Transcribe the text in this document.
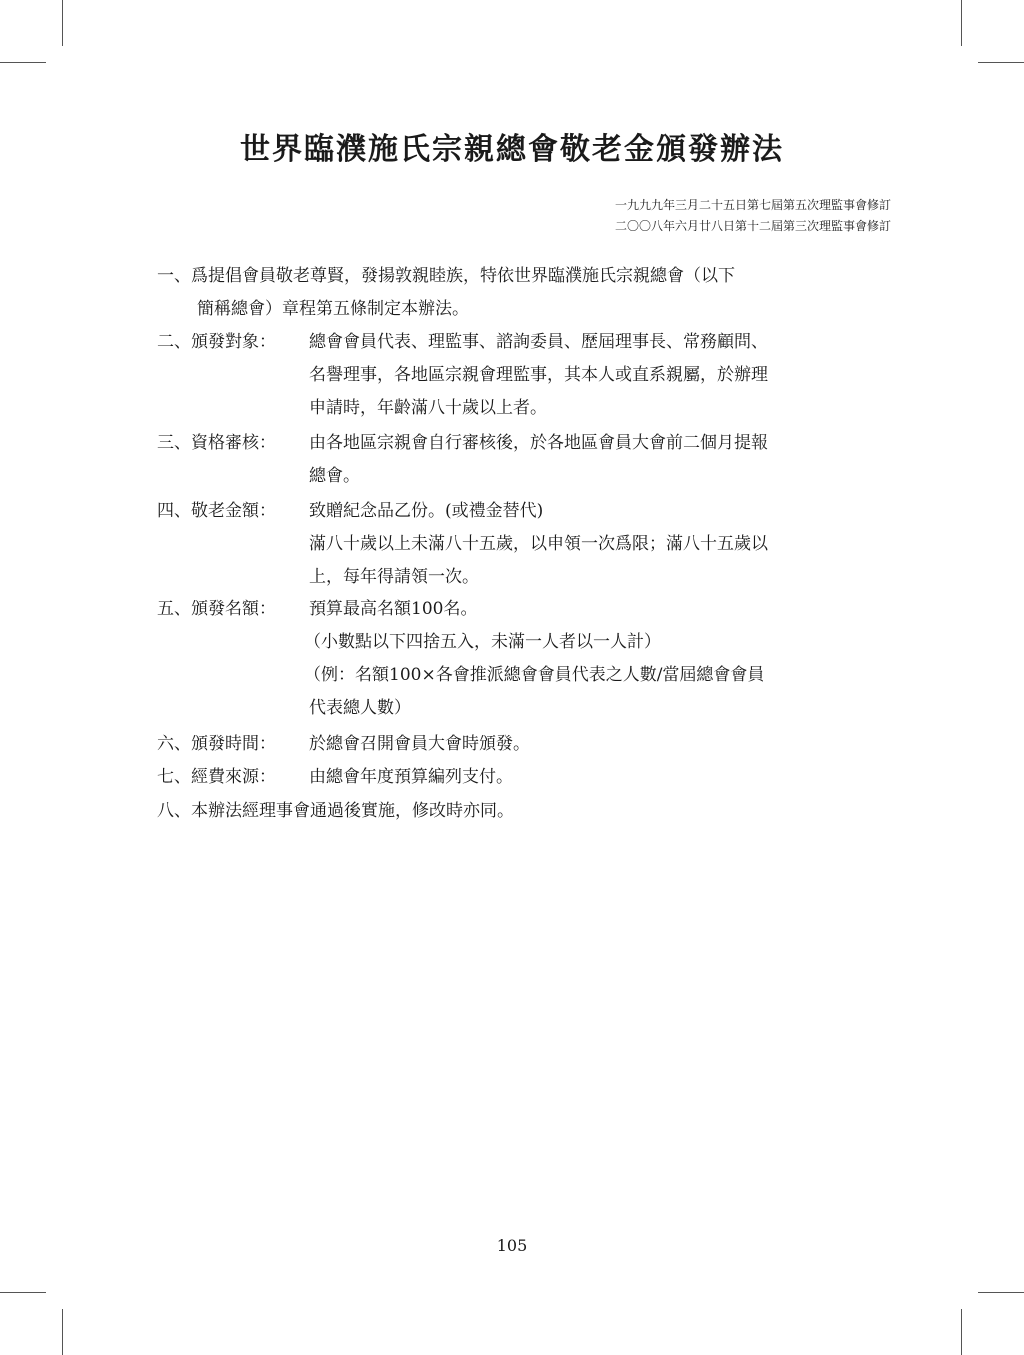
世界臨濮施氏宗親總會敬老金頒發辦法
一九九九年三月二十五日第七屆第五次理監事會修訂
二〇〇八年六月廿八日第十二屆第三次理監事會修訂
一、爲提倡會員敬老尊賢，發揚敦親睦族，特依世界臨濮施氏宗親總會（以下
簡稱總會）章程第五條制定本辦法。
二、頒發對象： 總會會員代表、理監事、諮詢委員、歷屆理事長、常務顧問、
名譽理事，各地區宗親會理監事，其本人或直系親屬，於辦理
申請時，年齡滿八十歲以上者。
三、資格審核： 由各地區宗親會自行審核後，於各地區會員大會前二個月提報
總會。
四、敬老金額： 致贈紀念品乙份。(或禮金替代)
滿八十歲以上未滿八十五歲，以申領一次爲限；滿八十五歲以
上，每年得請領一次。
五、頒發名額： 預算最高名額100名。
（小數點以下四捨五入，未滿一人者以一人計）
（例：名額100×各會推派總會會員代表之人數/當屆總會會員
代表總人數）
六、頒發時間： 於總會召開會員大會時頒發。
七、經費來源： 由總會年度預算編列支付。
八、本辦法經理事會通過後實施，修改時亦同。
105
